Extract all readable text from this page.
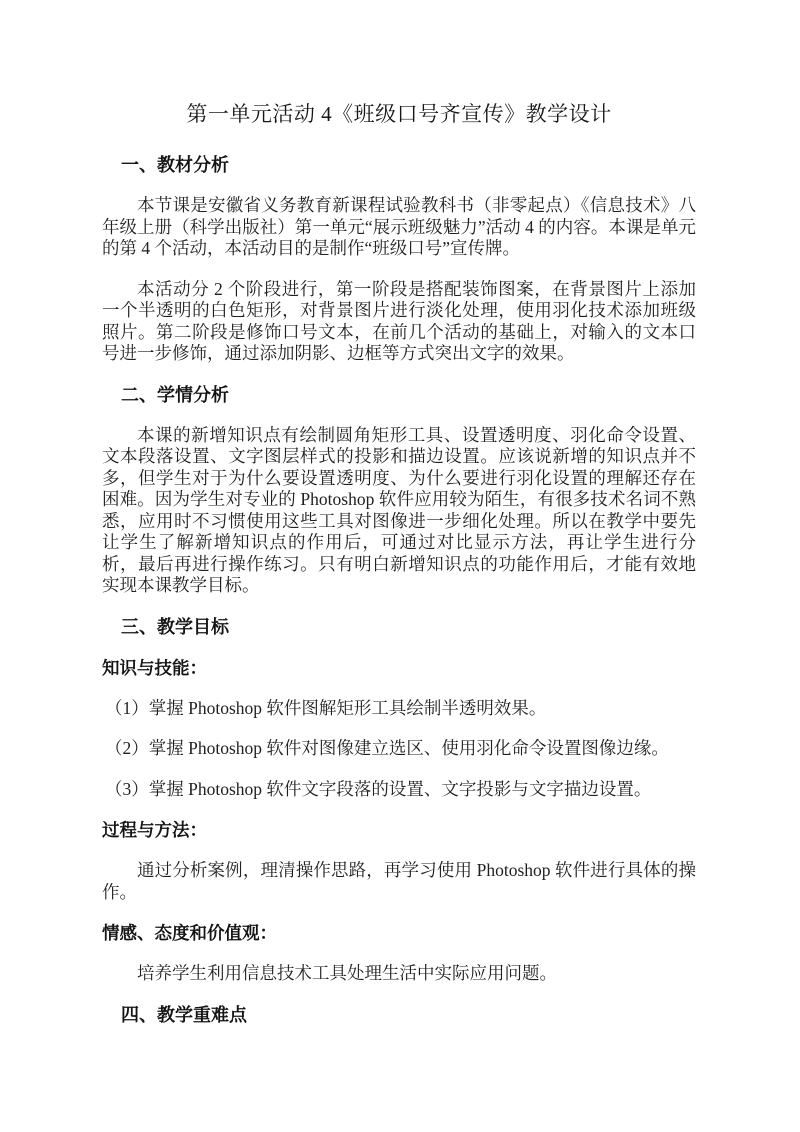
第一单元活动 4《班级口号齐宣传》教学设计
一、教材分析
本节课是安徽省义务教育新课程试验教科书（非零起点）《信息技术》八年级上册（科学出版社）第一单元“展示班级魅力”活动 4 的内容。本课是单元的第 4 个活动，本活动目的是制作“班级口号”宣传牌。
本活动分 2 个阶段进行，第一阶段是搭配装饰图案，在背景图片上添加一个半透明的白色矩形，对背景图片进行淡化处理，使用羽化技术添加班级照片。第二阶段是修饰口号文本，在前几个活动的基础上，对输入的文本口号进一步修饰，通过添加阴影、边框等方式突出文字的效果。
二、学情分析
本课的新增知识点有绘制圆角矩形工具、设置透明度、羽化命令设置、文本段落设置、文字图层样式的投影和描边设置。应该说新增的知识点并不多，但学生对于为什么要设置透明度、为什么要进行羽化设置的理解还存在困难。因为学生对专业的 Photoshop 软件应用较为陌生，有很多技术名词不熟悉，应用时不习惯使用这些工具对图像进一步细化处理。所以在教学中要先让学生了解新增知识点的作用后，可通过对比显示方法，再让学生进行分析，最后再进行操作练习。只有明白新增知识点的功能作用后，才能有效地实现本课教学目标。
三、教学目标
知识与技能：
（1）掌握 Photoshop 软件图解矩形工具绘制半透明效果。
（2）掌握 Photoshop 软件对图像建立选区、使用羽化命令设置图像边缘。
（3）掌握 Photoshop 软件文字段落的设置、文字投影与文字描边设置。
过程与方法：
通过分析案例，理清操作思路，再学习使用 Photoshop 软件进行具体的操作。
情感、态度和价值观：
培养学生利用信息技术工具处理生活中实际应用问题。
四、教学重难点
